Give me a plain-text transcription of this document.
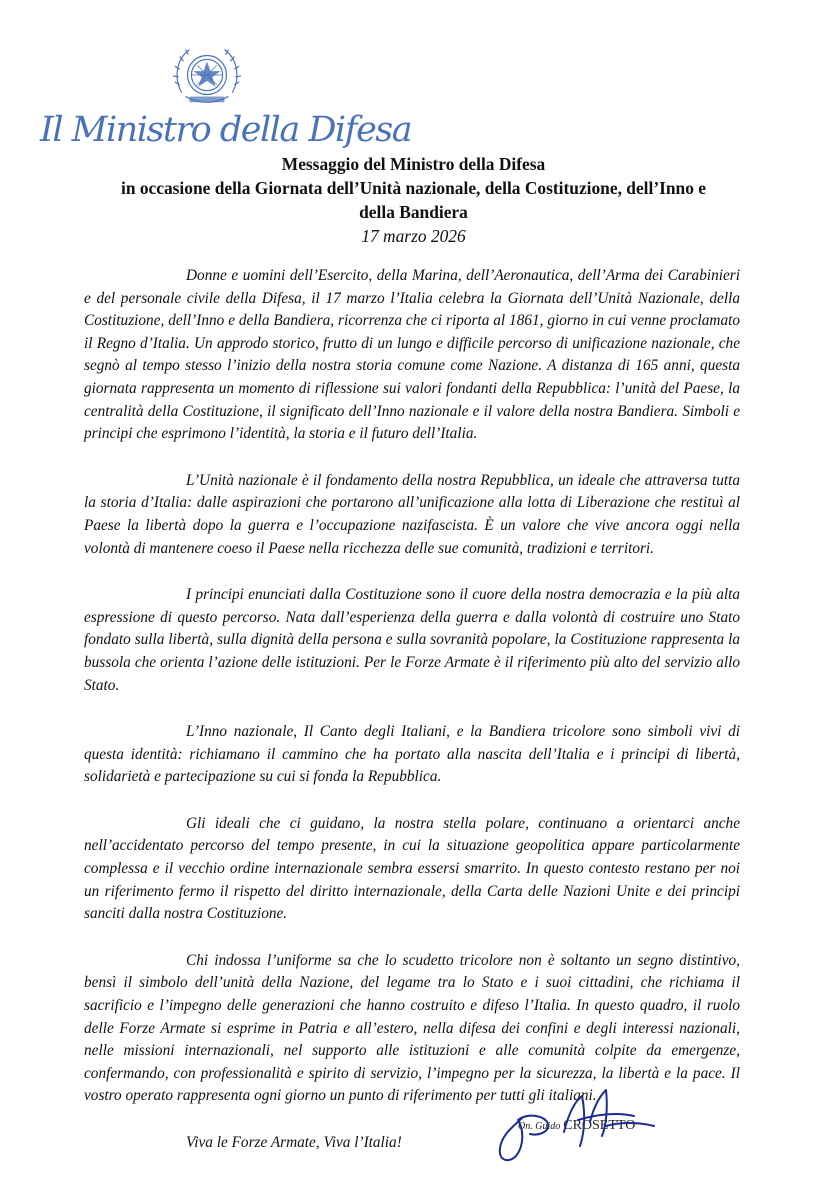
Il Ministro della Difesa
Messaggio del Ministro della Difesa
in occasione della Giornata dell’Unità nazionale, della Costituzione, dell’Inno e
della Bandiera
17 marzo 2026

Donne e uomini dell’Esercito, della Marina, dell’Aeronautica, dell’Arma dei Carabinieri e del personale civile della Difesa, il 17 marzo l’Italia celebra la Giornata dell’Unità Nazionale, della Costituzione, dell’Inno e della Bandiera, ricorrenza che ci riporta al 1861, giorno in cui venne proclamato il Regno d’Italia. Un approdo storico, frutto di un lungo e difficile percorso di unificazione nazionale, che segnò al tempo stesso l’inizio della nostra storia comune come Nazione. A distanza di 165 anni, questa giornata rappresenta un momento di riflessione sui valori fondanti della Repubblica: l’unità del Paese, la centralità della Costituzione, il significato dell’Inno nazionale e il valore della nostra Bandiera. Simboli e principi che esprimono l’identità, la storia e il futuro dell’Italia.

L’Unità nazionale è il fondamento della nostra Repubblica, un ideale che attraversa tutta la storia d’Italia: dalle aspirazioni che portarono all’unificazione alla lotta di Liberazione che restituì al Paese la libertà dopo la guerra e l’occupazione nazifascista. È un valore che vive ancora oggi nella volontà di mantenere coeso il Paese nella ricchezza delle sue comunità, tradizioni e territori.

I principi enunciati dalla Costituzione sono il cuore della nostra democrazia e la più alta espressione di questo percorso. Nata dall’esperienza della guerra e dalla volontà di costruire uno Stato fondato sulla libertà, sulla dignità della persona e sulla sovranità popolare, la Costituzione rappresenta la bussola che orienta l’azione delle istituzioni. Per le Forze Armate è il riferimento più alto del servizio allo Stato.

L’Inno nazionale, Il Canto degli Italiani, e la Bandiera tricolore sono simboli vivi di questa identità: richiamano il cammino che ha portato alla nascita dell’Italia e i principi di libertà, solidarietà e partecipazione su cui si fonda la Repubblica.

Gli ideali che ci guidano, la nostra stella polare, continuano a orientarci anche nell’accidentato percorso del tempo presente, in cui la situazione geopolitica appare particolarmente complessa e il vecchio ordine internazionale sembra essersi smarrito. In questo contesto restano per noi un riferimento fermo il rispetto del diritto internazionale, della Carta delle Nazioni Unite e dei principi sanciti dalla nostra Costituzione.

Chi indossa l’uniforme sa che lo scudetto tricolore non è soltanto un segno distintivo, bensì il simbolo dell’unità della Nazione, del legame tra lo Stato e i suoi cittadini, che richiama il sacrificio e l’impegno delle generazioni che hanno costruito e difeso l’Italia. In questo quadro, il ruolo delle Forze Armate si esprime in Patria e all’estero, nella difesa dei confini e degli interessi nazionali, nelle missioni internazionali, nel supporto alle istituzioni e alle comunità colpite da emergenze, confermando, con professionalità e spirito di servizio, l’impegno per la sicurezza, la libertà e la pace. Il vostro operato rappresenta ogni giorno un punto di riferimento per tutti gli italiani.

Viva le Forze Armate, Viva l’Italia!

On. Guido CROSETTO
